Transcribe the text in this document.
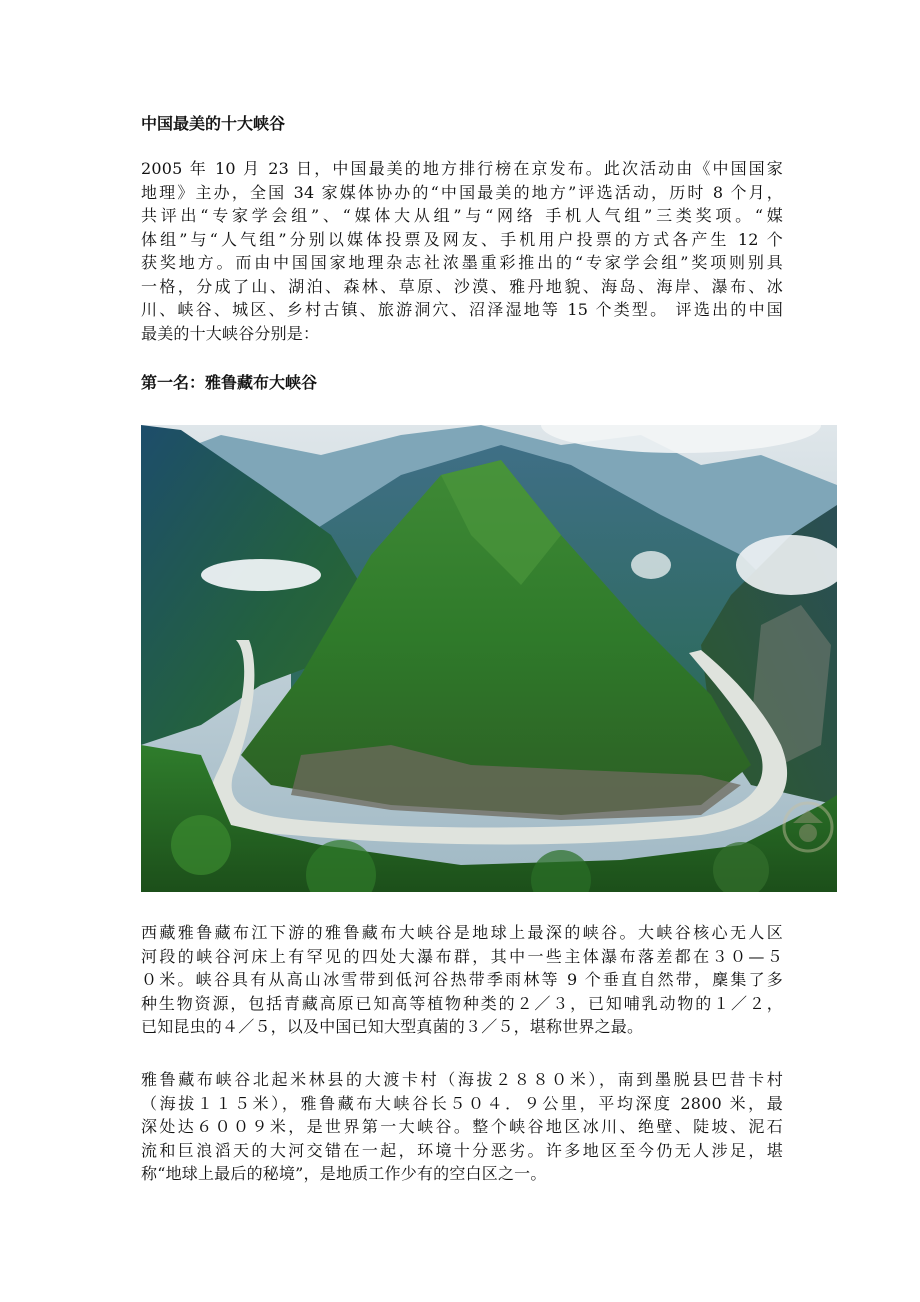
中国最美的十大峡谷
2005 年 10 月 23 日，中国最美的地方排行榜在京发布。此次活动由《中国国家
地理》主办，全国 34 家媒体协办的“中国最美的地方”评选活动，历时 8 个月，
共评出“专家学会组”、“媒体大从组”与“网络 手机人气组”三类奖项。“媒
体组”与“人气组”分别以媒体投票及网友、手机用户投票的方式各产生 12 个
获奖地方。而由中国国家地理杂志社浓墨重彩推出的“专家学会组”奖项则别具
一格，分成了山、湖泊、森林、草原、沙漠、雅丹地貌、海岛、海岸、瀑布、冰
川、峡谷、城区、乡村古镇、旅游洞穴、沼泽湿地等 15 个类型。 评选出的中国
最美的十大峡谷分别是：
第一名：雅鲁藏布大峡谷
西藏雅鲁藏布江下游的雅鲁藏布大峡谷是地球上最深的峡谷。大峡谷核心无人区
河段的峡谷河床上有罕见的四处大瀑布群，其中一些主体瀑布落差都在３０—５
０米。峡谷具有从高山冰雪带到低河谷热带季雨林等 9 个垂直自然带，麇集了多
种生物资源，包括青藏高原已知高等植物种类的２／３，已知哺乳动物的１／２，
已知昆虫的４／５，以及中国已知大型真菌的３／５，堪称世界之最。
雅鲁藏布峡谷北起米林县的大渡卡村（海拔２８８０米），南到墨脱县巴昔卡村
（海拔１１５米），雅鲁藏布大峡谷长５０４．９公里，平均深度 2800 米，最
深处达６００９米，是世界第一大峡谷。整个峡谷地区冰川、绝壁、陡坡、泥石
流和巨浪滔天的大河交错在一起，环境十分恶劣。许多地区至今仍无人涉足，堪
称“地球上最后的秘境”，是地质工作少有的空白区之一。
